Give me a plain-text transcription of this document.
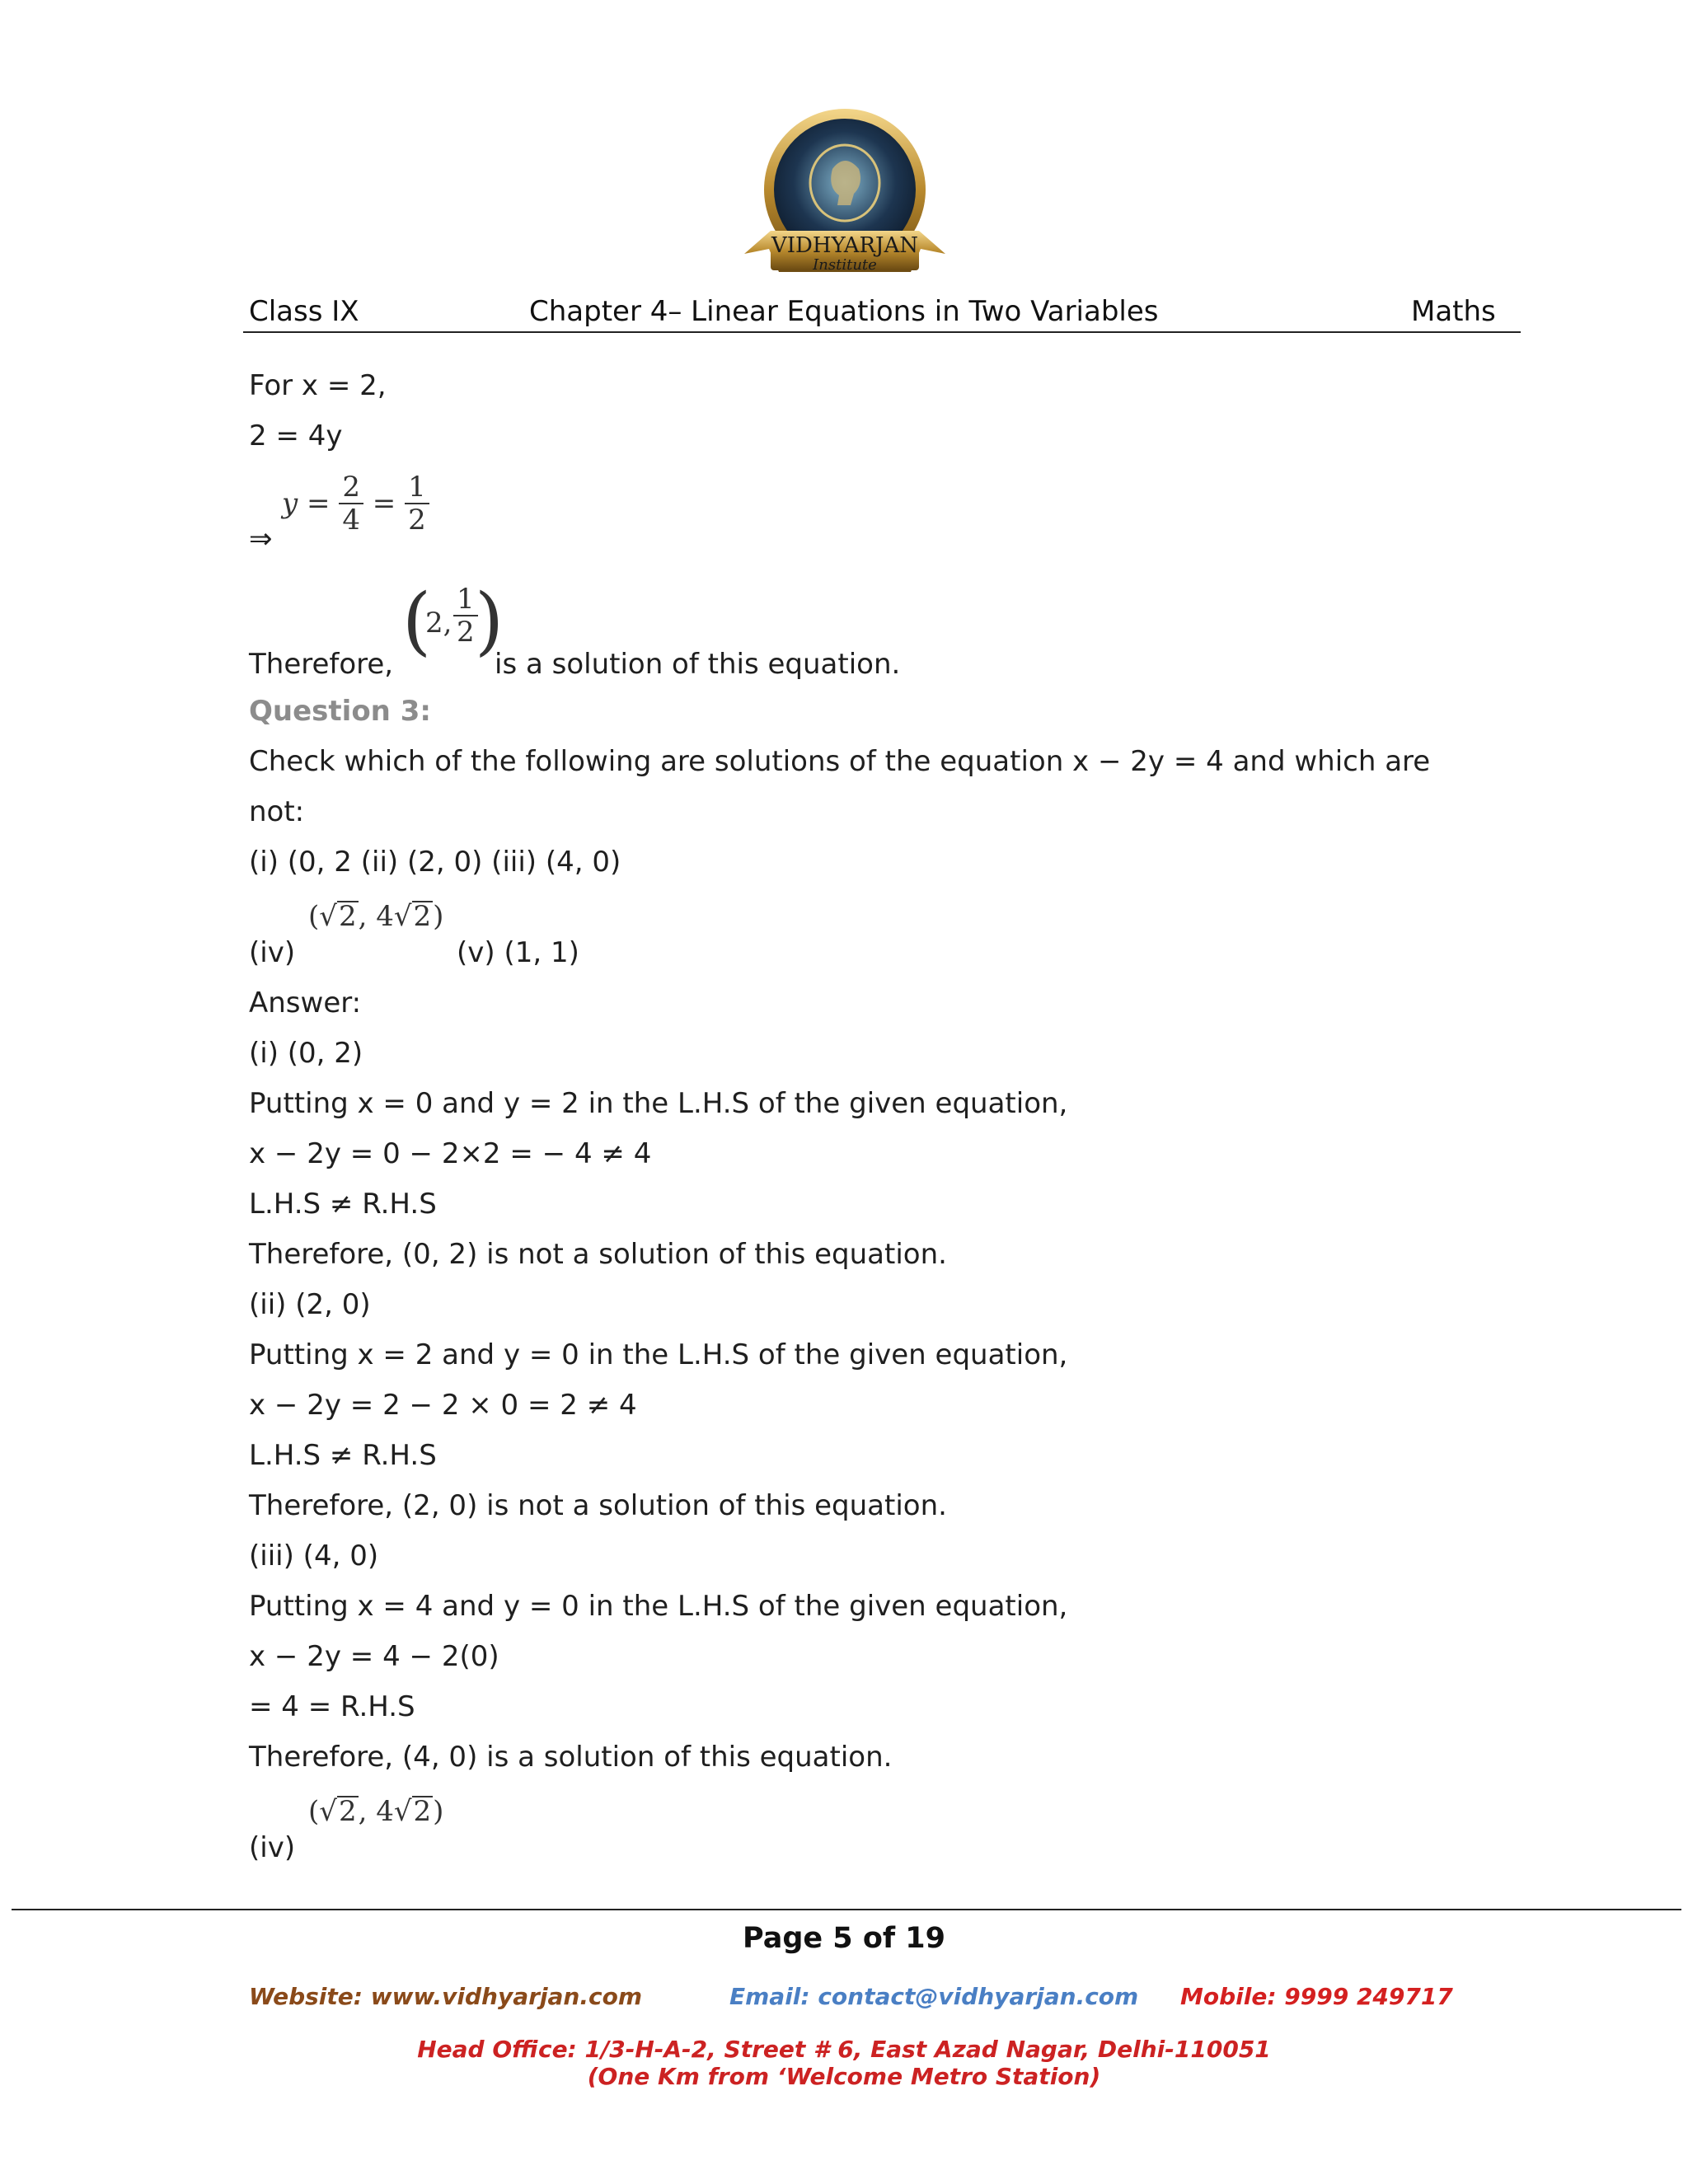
VIDHYARJAN
Institute
Class IX	Chapter 4– Linear Equations in Two Variables	Maths
For x = 2,
2 = 4y
⇒
$y = \frac{2}{4} = \frac{1}{2}$
Therefore, (
2, $\frac{1}{2}$
)
is a solution of this equation.
Question 3:
Check which of the following are solutions of the equation x − 2y = 4 and which are
not:
(i) (0, 2 (ii) (2, 0) (iii) (4, 0)
(iv)
(√2, 4√2)
(v) (1, 1)
Answer:
(i) (0, 2)
Putting x = 0 and y = 2 in the L.H.S of the given equation,
x − 2y = 0 − 2×2 = − 4 ≠ 4
L.H.S ≠ R.H.S
Therefore, (0, 2) is not a solution of this equation.
(ii) (2, 0)
Putting x = 2 and y = 0 in the L.H.S of the given equation,
x − 2y = 2 − 2 × 0 = 2 ≠ 4
L.H.S ≠ R.H.S
Therefore, (2, 0) is not a solution of this equation.
(iii) (4, 0)
Putting x = 4 and y = 0 in the L.H.S of the given equation,
x − 2y = 4 − 2(0)
= 4 = R.H.S
Therefore, (4, 0) is a solution of this equation.
(iv)
(√2, 4√2)
Page 5 of 19
Website: www.vidhyarjan.com	Email: contact@vidhyarjan.com Mobile: 9999 249717
Head Office: 1/3-H-A-2, Street # 6, East Azad Nagar, Delhi-110051
(One Km from ‘Welcome Metro Station)
